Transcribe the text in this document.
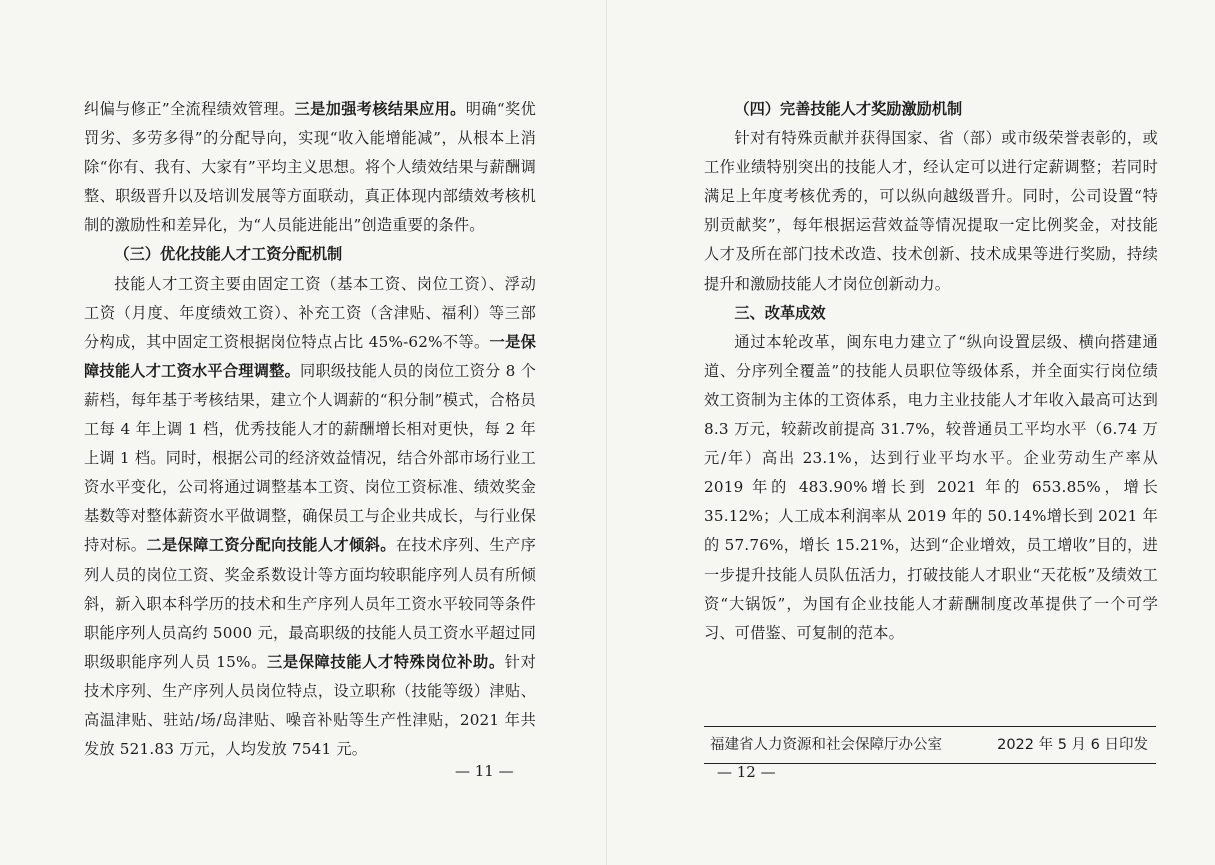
纠偏与修正”全流程绩效管理。三是加强考核结果应用。明确“奖优罚劣、多劳多得”的分配导向，实现“收入能增能减”，从根本上消除“你有、我有、大家有”平均主义思想。将个人绩效结果与薪酬调整、职级晋升以及培训发展等方面联动，真正体现内部绩效考核机制的激励性和差异化，为“人员能进能出”创造重要的条件。

（三）优化技能人才工资分配机制

技能人才工资主要由固定工资（基本工资、岗位工资）、浮动工资（月度、年度绩效工资）、补充工资（含津贴、福利）等三部分构成，其中固定工资根据岗位特点占比 45%-62%不等。一是保障技能人才工资水平合理调整。同职级技能人员的岗位工资分 8 个薪档，每年基于考核结果，建立个人调薪的“积分制”模式，合格员工每 4 年上调 1 档，优秀技能人才的薪酬增长相对更快，每 2 年上调 1 档。同时，根据公司的经济效益情况，结合外部市场行业工资水平变化，公司将通过调整基本工资、岗位工资标准、绩效奖金基数等对整体薪资水平做调整，确保员工与企业共成长，与行业保持对标。二是保障工资分配向技能人才倾斜。在技术序列、生产序列人员的岗位工资、奖金系数设计等方面均较职能序列人员有所倾斜，新入职本科学历的技术和生产序列人员年工资水平较同等条件职能序列人员高约 5000 元，最高职级的技能人员工资水平超过同职级职能序列人员 15%。三是保障技能人才特殊岗位补助。针对技术序列、生产序列人员岗位特点，设立职称（技能等级）津贴、高温津贴、驻站/场/岛津贴、噪音补贴等生产性津贴，2021 年共发放 521.83 万元，人均发放 7541 元。

— 11 —

（四）完善技能人才奖励激励机制

针对有特殊贡献并获得国家、省（部）或市级荣誉表彰的，或工作业绩特别突出的技能人才，经认定可以进行定薪调整；若同时满足上年度考核优秀的，可以纵向越级晋升。同时，公司设置“特别贡献奖”，每年根据运营效益等情况提取一定比例奖金，对技能人才及所在部门技术改造、技术创新、技术成果等进行奖励，持续提升和激励技能人才岗位创新动力。

三、改革成效

通过本轮改革，闽东电力建立了“纵向设置层级、横向搭建通道、分序列全覆盖”的技能人员职位等级体系，并全面实行岗位绩效工资制为主体的工资体系，电力主业技能人才年收入最高可达到 8.3 万元，较薪改前提高 31.7%，较普通员工平均水平（6.74 万元/年）高出 23.1%，达到行业平均水平。企业劳动生产率从 2019 年的 483.90%增长到 2021 年的 653.85%，增长 35.12%；人工成本利润率从 2019 年的 50.14%增长到 2021 年的 57.76%，增长 15.21%，达到“企业增效，员工增收”目的，进一步提升技能人员队伍活力，打破技能人才职业“天花板”及绩效工资“大锅饭”，为国有企业技能人才薪酬制度改革提供了一个可学习、可借鉴、可复制的范本。

福建省人力资源和社会保障厅办公室	2022 年 5 月 6 日印发
— 12 —
